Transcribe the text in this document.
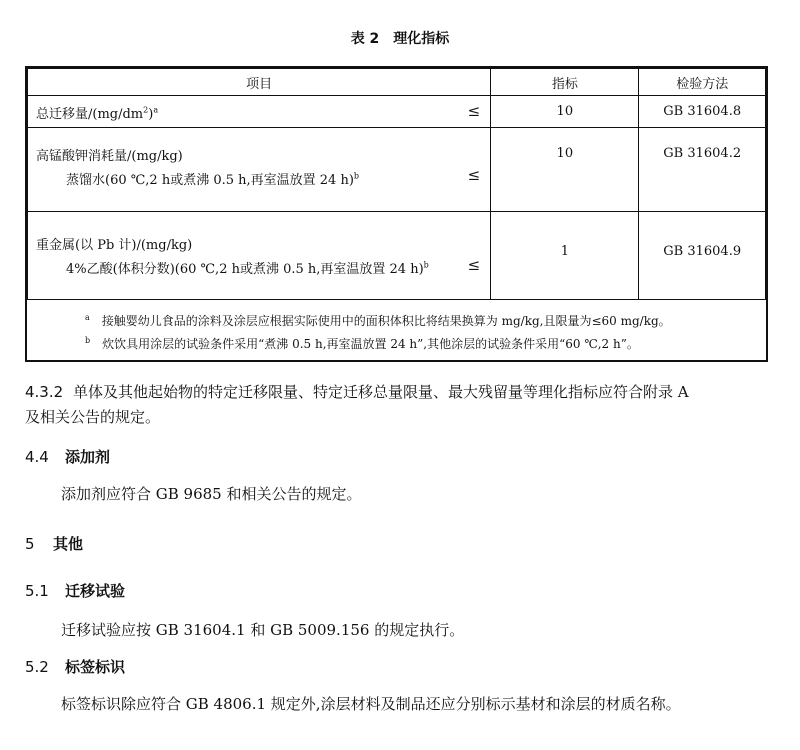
表 2　理化指标
项目	指标	检验方法

总迁移量$/(mg/dm^2)^a$ ≤	10	GB 31604.8

高锰酸钾消耗量/(mg/kg)
蒸馏水(60 ℃,2 h或煮沸 0.5 h,再室温放置 24 h)$^b$ ≤	10	GB 31604.2

重金属(以 Pb 计)/(mg/kg)
4%乙酸(体积分数)(60 ℃,2 h或煮沸 0.5 h,再室温放置 24 h)$^b$ ≤	1	GB 31604.9
$^a$ 接触婴幼儿食品的涂料及涂层应根据实际使用中的面积体积比将结果换算为 mg/kg,且限量为≤60 mg/kg。
$^b$ 炊饮具用涂层的试验条件采用“煮沸 0.5 h,再室温放置 24 h”,其他涂层的试验条件采用“60 ℃,2 h”。
4.3.2 单体及其他起始物的特定迁移限量、特定迁移总量限量、最大残留量等理化指标应符合附录 A
及相关公告的规定。
4.4 添加剂
添加剂应符合 GB 9685 和相关公告的规定。
5 其他
5.1 迁移试验
迁移试验应按 GB 31604.1 和 GB 5009.156 的规定执行。
5.2 标签标识
标签标识除应符合 GB 4806.1 规定外,涂层材料及制品还应分别标示基材和涂层的材质名称。
